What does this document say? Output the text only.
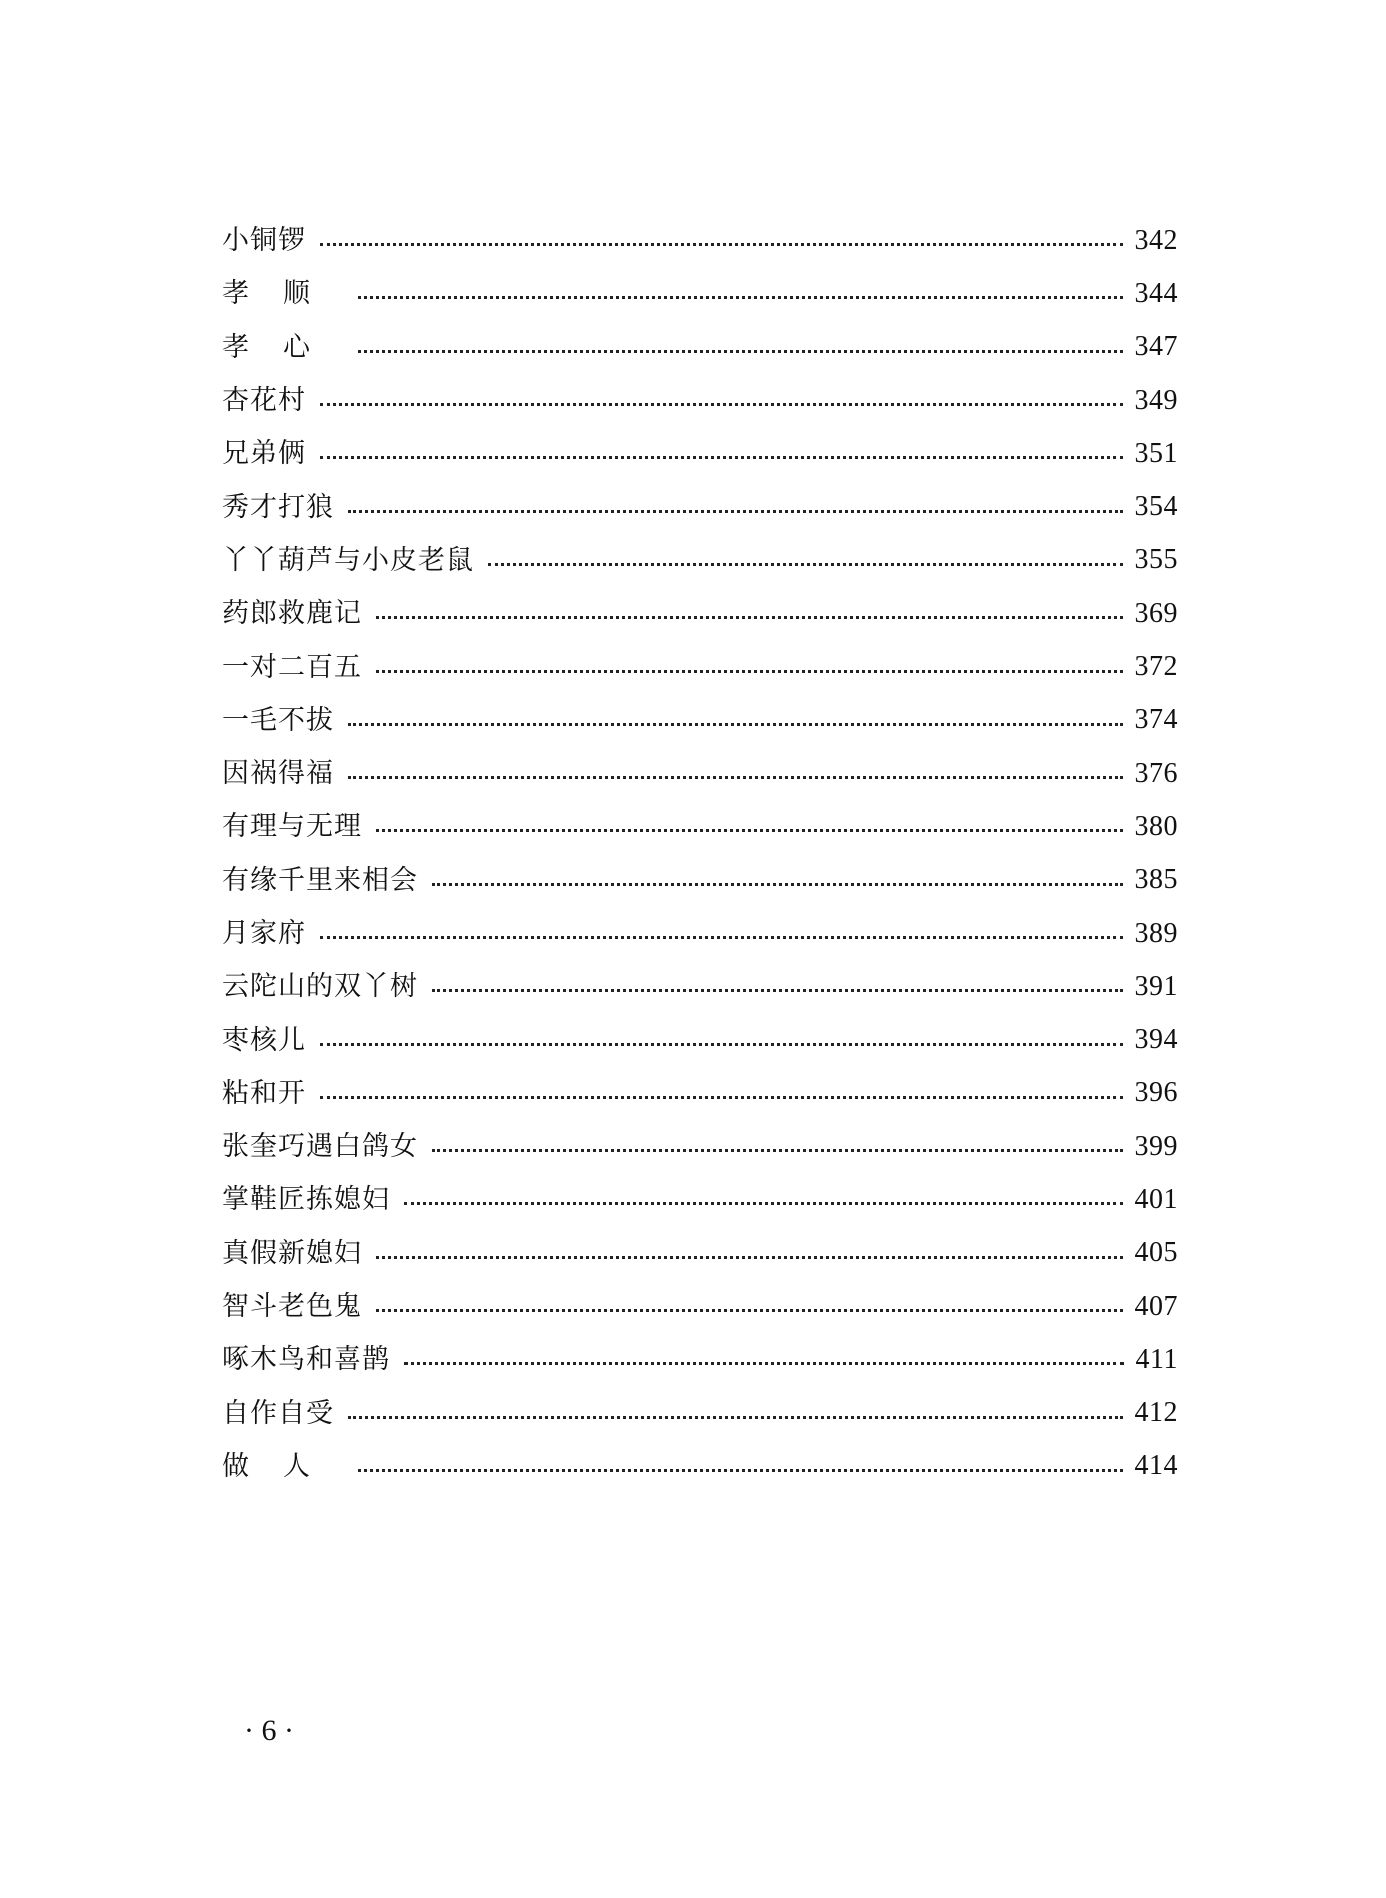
小铜锣	342
孝顺	344
孝心	347
杏花村	349
兄弟俩	351
秀才打狼	354
丫丫葫芦与小皮老鼠	355
药郎救鹿记	369
一对二百五	372
一毛不拔	374
因祸得福	376
有理与无理	380
有缘千里来相会	385
月家府	389
云陀山的双丫树	391
枣核儿	394
粘和开	396
张奎巧遇白鸽女	399
掌鞋匠拣媳妇	401
真假新媳妇	405
智斗老色鬼	407
啄木鸟和喜鹊	411
自作自受	412
做人	414
· 6 ·
